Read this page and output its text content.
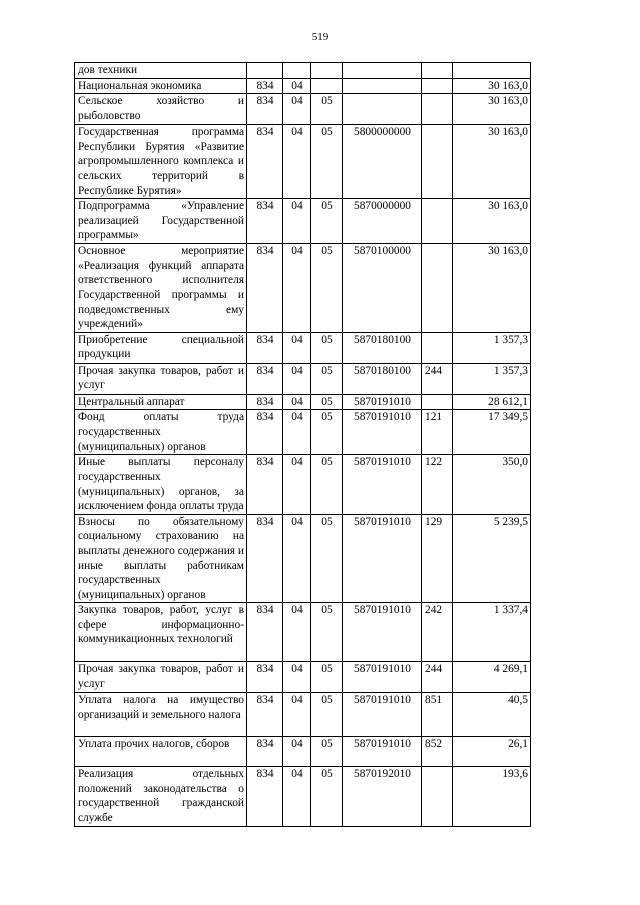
519
дов техники						
Национальная экономика	834	04				30 163,0
Сельское хозяйство и рыболовство	834	04	05			30 163,0
Государственная программа Республики Бурятия «Развитие агропромышленного комплекса и сельских территорий в Республике Бурятия»	834	04	05	5800000000		30 163,0
Подпрограмма «Управление реализацией Государственной программы»	834	04	05	5870000000		30 163,0
Основное мероприятие «Реализация функций аппарата ответственного исполнителя Государственной программы и подведомственных ему учреждений»	834	04	05	5870100000		30 163,0
Приобретение специальной продукции	834	04	05	5870180100		1 357,3
Прочая закупка товаров, работ и услуг	834	04	05	5870180100	244	1 357,3
Центральный аппарат	834	04	05	5870191010		28 612,1
Фонд оплаты труда государственных (муниципальных) органов	834	04	05	5870191010	121	17 349,5
Иные выплаты персоналу государственных (муниципальных) органов, за исключением фонда оплаты труда	834	04	05	5870191010	122	350,0
Взносы по обязательному социальному страхованию на выплаты денежного содержания и иные выплаты работникам государственных (муниципальных) органов	834	04	05	5870191010	129	5 239,5
Закупка товаров, работ, услуг в сфере информационно-коммуникационных технологий	834	04	05	5870191010	242	1 337,4
Прочая закупка товаров, работ и услуг	834	04	05	5870191010	244	4 269,1
Уплата налога на имущество организаций и земельного налога	834	04	05	5870191010	851	40,5
Уплата прочих налогов, сборов	834	04	05	5870191010	852	26,1
Реализация отдельных положений законодательства о государственной гражданской службе	834	04	05	5870192010		193,6
